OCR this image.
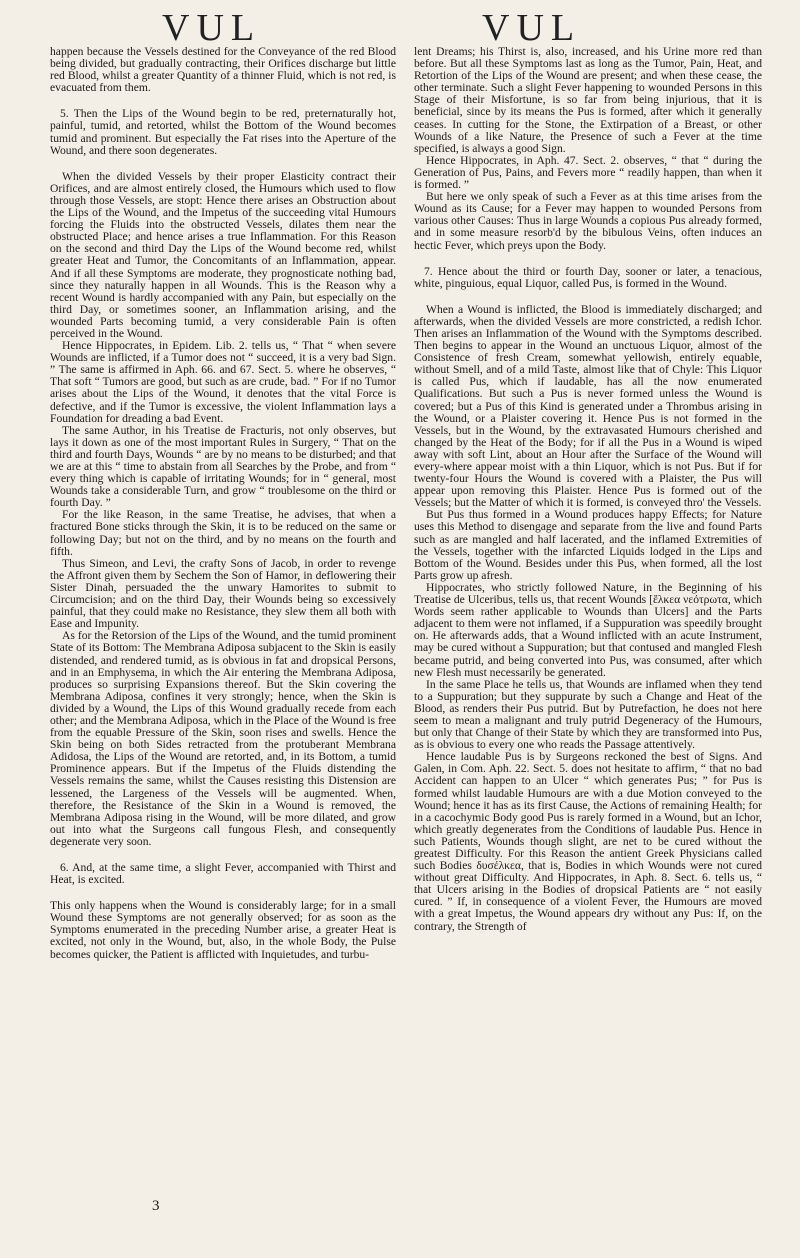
VUL	VUL

happen because the Vessels destined for the Conveyance of the red Blood being divided, but gradually contracting, their Orifices discharge but little red Blood, whilst a greater Quantity of a thinner Fluid, which is not red, is evacuated from them.

5. Then the Lips of the Wound begin to be red, preternaturally hot, painful, tumid, and retorted, whilst the Bottom of the Wound becomes tumid and prominent. But especially the Fat rises into the Aperture of the Wound, and there soon degenerates.

When the divided Vessels by their proper Elasticity contract their Orifices, and are almost entirely closed, the Humours which used to flow through those Vessels, are stopt: Hence there arises an Obstruction about the Lips of the Wound, and the Impetus of the succeeding vital Humours forcing the Fluids into the obstructed Vessels, dilates them near the obstructed Place; and hence arises a true Inflammation. For this Reason on the second and third Day the Lips of the Wound become red, whilst greater Heat and Tumor, the Concomitants of an Inflammation, appear. And if all these Symptoms are moderate, they prognosticate nothing bad, since they naturally happen in all Wounds. This is the Reason why a recent Wound is hardly accompanied with any Pain, but especially on the third Day, or sometimes sooner, an Inflammation arising, and the wounded Parts becoming tumid, a very considerable Pain is often perceived in the Wound.

Hence Hippocrates, in Epidem. Lib. 2. tells us, “ That “ when severe Wounds are inflicted, if a Tumor does not “ succeed, it is a very bad Sign. ” The same is affirmed in Aph. 66. and 67. Sect. 5. where he observes, “ That soft “ Tumors are good, but such as are crude, bad. ” For if no Tumor arises about the Lips of the Wound, it denotes that the vital Force is defective, and if the Tumor is excessive, the violent Inflammation lays a Foundation for dreading a bad Event.

The same Author, in his Treatise de Fracturis, not only observes, but lays it down as one of the most important Rules in Surgery, “ That on the third and fourth Days, Wounds “ are by no means to be disturbed; and that we are at this “ time to abstain from all Searches by the Probe, and from “ every thing which is capable of irritating Wounds; for in “ general, most Wounds take a considerable Turn, and grow “ troublesome on the third or fourth Day. ”

For the like Reason, in the same Treatise, he advises, that when a fractured Bone sticks through the Skin, it is to be reduced on the same or following Day; but not on the third, and by no means on the fourth and fifth.

Thus Simeon, and Levi, the crafty Sons of Jacob, in order to revenge the Affront given them by Sechem the Son of Hamor, in deflowering their Sister Dinah, persuaded the the unwary Hamorites to submit to Circumcision; and on the third Day, their Wounds being so excessively painful, that they could make no Resistance, they slew them all both with Ease and Impunity.

As for the Retorsion of the Lips of the Wound, and the tumid prominent State of its Bottom: The Membrana Adiposa subjacent to the Skin is easily distended, and rendered tumid, as is obvious in fat and dropsical Persons, and in an Emphysema, in which the Air entering the Membrana Adiposa, produces so surprising Expansions thereof. But the Skin covering the Membrana Adiposa, confines it very strongly; hence, when the Skin is divided by a Wound, the Lips of this Wound gradually recede from each other; and the Membrana Adiposa, which in the Place of the Wound is free from the equable Pressure of the Skin, soon rises and swells. Hence the Skin being on both Sides retracted from the protuberant Membrana Adidosa, the Lips of the Wound are retorted, and, in its Bottom, a tumid Prominence appears. But if the Impetus of the Fluids distending the Vessels remains the same, whilst the Causes resisting this Distension are lessened, the Largeness of the Vessels will be augmented. When, therefore, the Resistance of the Skin in a Wound is removed, the Membrana Adiposa rising in the Wound, will be more dilated, and grow out into what the Surgeons call fungous Flesh, and consequently degenerate very soon.

6. And, at the same time, a slight Fever, accompanied with Thirst and Heat, is excited.

This only happens when the Wound is considerably large; for in a small Wound these Symptoms are not generally observed; for as soon as the Symptoms enumerated in the preceding Number arise, a greater Heat is excited, not only in the Wound, but, also, in the whole Body, the Pulse becomes quicker, the Patient is afflicted with Inquietudes, and turbu-

lent Dreams; his Thirst is, also, increased, and his Urine more red than before. But all these Symptoms last as long as the Tumor, Pain, Heat, and Retortion of the Lips of the Wound are present; and when these cease, the other terminate. Such a slight Fever happening to wounded Persons in this Stage of their Misfortune, is so far from being injurious, that it is beneficial, since by its means the Pus is formed, after which it generally ceases. In cutting for the Stone, the Extirpation of a Breast, or other Wounds of a like Nature, the Presence of such a Fever at the time specified, is always a good Sign.

Hence Hippocrates, in Aph. 47. Sect. 2. observes, “ that “ during the Generation of Pus, Pains, and Fevers more “ readily happen, than when it is formed. ”

But here we only speak of such a Fever as at this time arises from the Wound as its Cause; for a Fever may happen to wounded Persons from various other Causes: Thus in large Wounds a copious Pus already formed, and in some measure resorb'd by the bibulous Veins, often induces an hectic Fever, which preys upon the Body.

7. Hence about the third or fourth Day, sooner or later, a tenacious, white, pinguious, equal Liquor, called Pus, is formed in the Wound.

When a Wound is inflicted, the Blood is immediately discharged; and afterwards, when the divided Vessels are more constricted, a redish Ichor. Then arises an Inflammation of the Wound with the Symptoms described. Then begins to appear in the Wound an unctuous Liquor, almost of the Consistence of fresh Cream, somewhat yellowish, entirely equable, without Smell, and of a mild Taste, almost like that of Chyle: This Liquor is called Pus, which if laudable, has all the now enumerated Qualifications. But such a Pus is never formed unless the Wound is covered; but a Pus of this Kind is generated under a Thrombus arising in the Wound, or a Plaister covering it. Hence Pus is not formed in the Vessels, but in the Wound, by the extravasated Humours cherished and changed by the Heat of the Body; for if all the Pus in a Wound is wiped away with soft Lint, about an Hour after the Surface of the Wound will every-where appear moist with a thin Liquor, which is not Pus. But if for twenty-four Hours the Wound is covered with a Plaister, the Pus will appear upon removing this Plaister. Hence Pus is formed out of the Vessels; but the Matter of which it is formed, is conveyed thro' the Vessels.

But Pus thus formed in a Wound produces happy Effects; for Nature uses this Method to disengage and separate from the live and found Parts such as are mangled and half lacerated, and the inflamed Extremities of the Vessels, together with the infarcted Liquids lodged in the Lips and Bottom of the Wound. Besides under this Pus, when formed, all the lost Parts grow up afresh.

Hippocrates, who strictly followed Nature, in the Beginning of his Treatise de Ulceribus, tells us, that recent Wounds [ἕλκεα νεότρωτα, which Words seem rather applicable to Wounds than Ulcers] and the Parts adjacent to them were not inflamed, if a Suppuration was speedily brought on. He afterwards adds, that a Wound inflicted with an acute Instrument, may be cured without a Suppuration; but that contused and mangled Flesh became putrid, and being converted into Pus, was consumed, after which new Flesh must necessarily be generated.

In the same Place he tells us, that Wounds are inflamed when they tend to a Suppuration; but they suppurate by such a Change and Heat of the Blood, as renders their Pus putrid. But by Putrefaction, he does not here seem to mean a malignant and truly putrid Degeneracy of the Humours, but only that Change of their State by which they are transformed into Pus, as is obvious to every one who reads the Passage attentively.

Hence laudable Pus is by Surgeons reckoned the best of Signs. And Galen, in Com. Aph. 22. Sect. 5. does not hesitate to affirm, “ that no bad Accident can happen to an Ulcer “ which generates Pus; ” for Pus is formed whilst laudable Humours are with a due Motion conveyed to the Wound; hence it has as its first Cause, the Actions of remaining Health; for in a cacochymic Body good Pus is rarely formed in a Wound, but an Ichor, which greatly degenerates from the Conditions of laudable Pus. Hence in such Patients, Wounds though slight, are net to be cured without the greatest Difficulty. For this Reason the antient Greek Physicians called such Bodies δυσέλκεα, that is, Bodies in which Wounds were not cured without great Difficulty. And Hippocrates, in Aph. 8. Sect. 6. tells us, “ that Ulcers arising in the Bodies of dropsical Patients are “ not easily cured. ” If, in consequence of a violent Fever, the Humours are moved with a great Impetus, the Wound appears dry without any Pus: If, on the contrary, the Strength of

3
